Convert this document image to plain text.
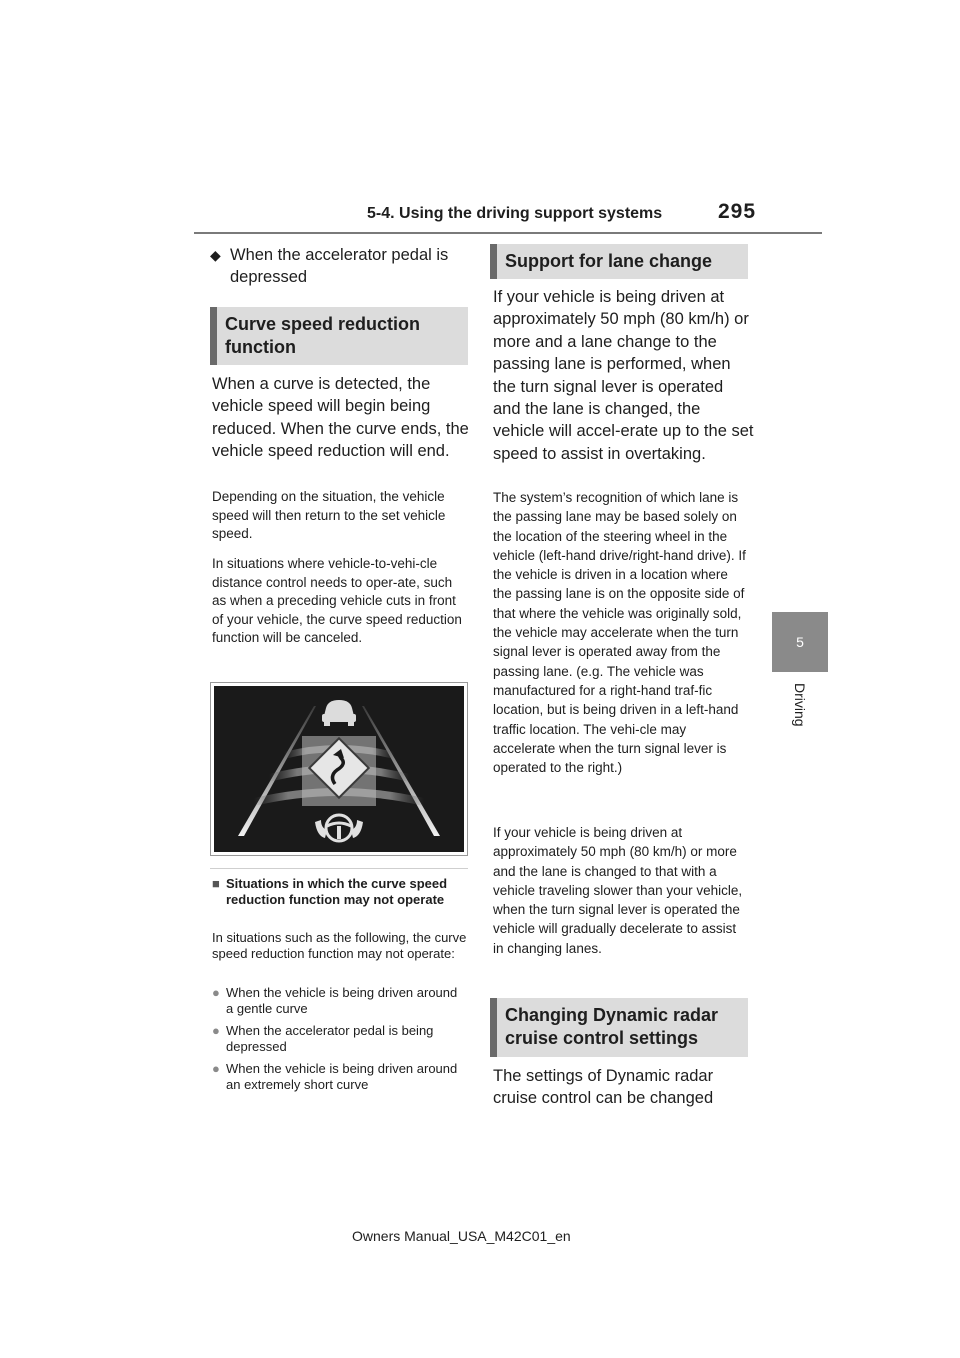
5-4. Using the driving support systems	295
5
Driving
◆ When the accelerator pedal is depressed
Curve speed reduction function
When a curve is detected, the vehicle speed will begin being reduced. When the curve ends, the vehicle speed reduction will end.
Depending on the situation, the vehicle speed will then return to the set vehicle speed.
In situations where vehicle-to-vehi-cle distance control needs to oper-ate, such as when a preceding vehicle cuts in front of your vehicle, the curve speed reduction function will be canceled.
■ Situations in which the curve speed reduction function may not operate
In situations such as the following, the curve speed reduction function may not operate:
● When the vehicle is being driven around a gentle curve
● When the accelerator pedal is being depressed
● When the vehicle is being driven around an extremely short curve
Support for lane change
If your vehicle is being driven at approximately 50 mph (80 km/h) or more and a lane change to the passing lane is performed, when the turn signal lever is operated and the lane is changed, the vehicle will accel-erate up to the set speed to assist in overtaking.
The system’s recognition of which lane is the passing lane may be based solely on the location of the steering wheel in the vehicle (left-hand drive/right-hand drive). If the vehicle is driven in a location where the passing lane is on the opposite side of that where the vehicle was originally sold, the vehicle may accelerate when the turn signal lever is operated away from the passing lane. (e.g. The vehicle was manufactured for a right-hand traf-fic location, but is being driven in a left-hand traffic location. The vehi-cle may accelerate when the turn signal lever is operated to the right.)
If your vehicle is being driven at approximately 50 mph (80 km/h) or more and the lane is changed to that with a vehicle traveling slower than your vehicle, when the turn signal lever is operated the vehicle will gradually decelerate to assist in changing lanes.
Changing Dynamic radar cruise control settings
The settings of Dynamic radar cruise control can be changed
Owners Manual_USA_M42C01_en
